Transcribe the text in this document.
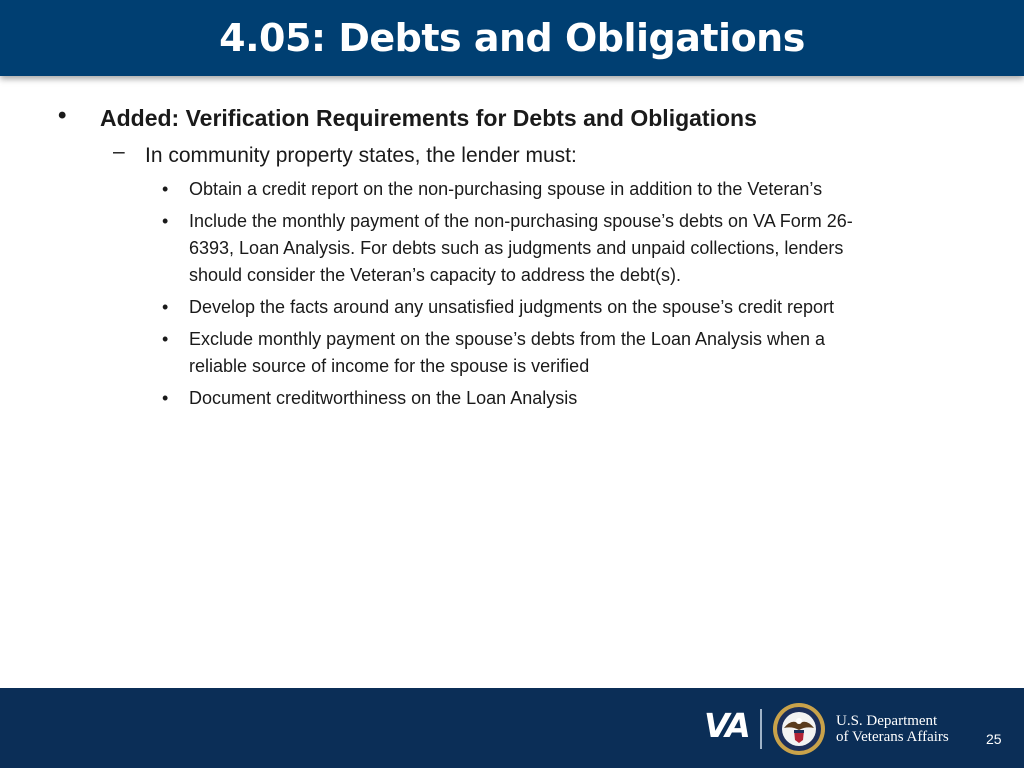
4.05: Debts and Obligations
• Added: Verification Requirements for Debts and Obligations
– In community property states, the lender must:
• Obtain a credit report on the non-purchasing spouse in addition to the Veteran’s
• Include the monthly payment of the non-purchasing spouse’s debts on VA Form 26-
6393, Loan Analysis. For debts such as judgments and unpaid collections, lenders
should consider the Veteran’s capacity to address the debt(s).
• Develop the facts around any unsatisfied judgments on the spouse’s credit report
• Exclude monthly payment on the spouse’s debts from the Loan Analysis when a
reliable source of income for the spouse is verified
• Document creditworthiness on the Loan Analysis
VA	U.S. Department
of Veterans Affairs	25
